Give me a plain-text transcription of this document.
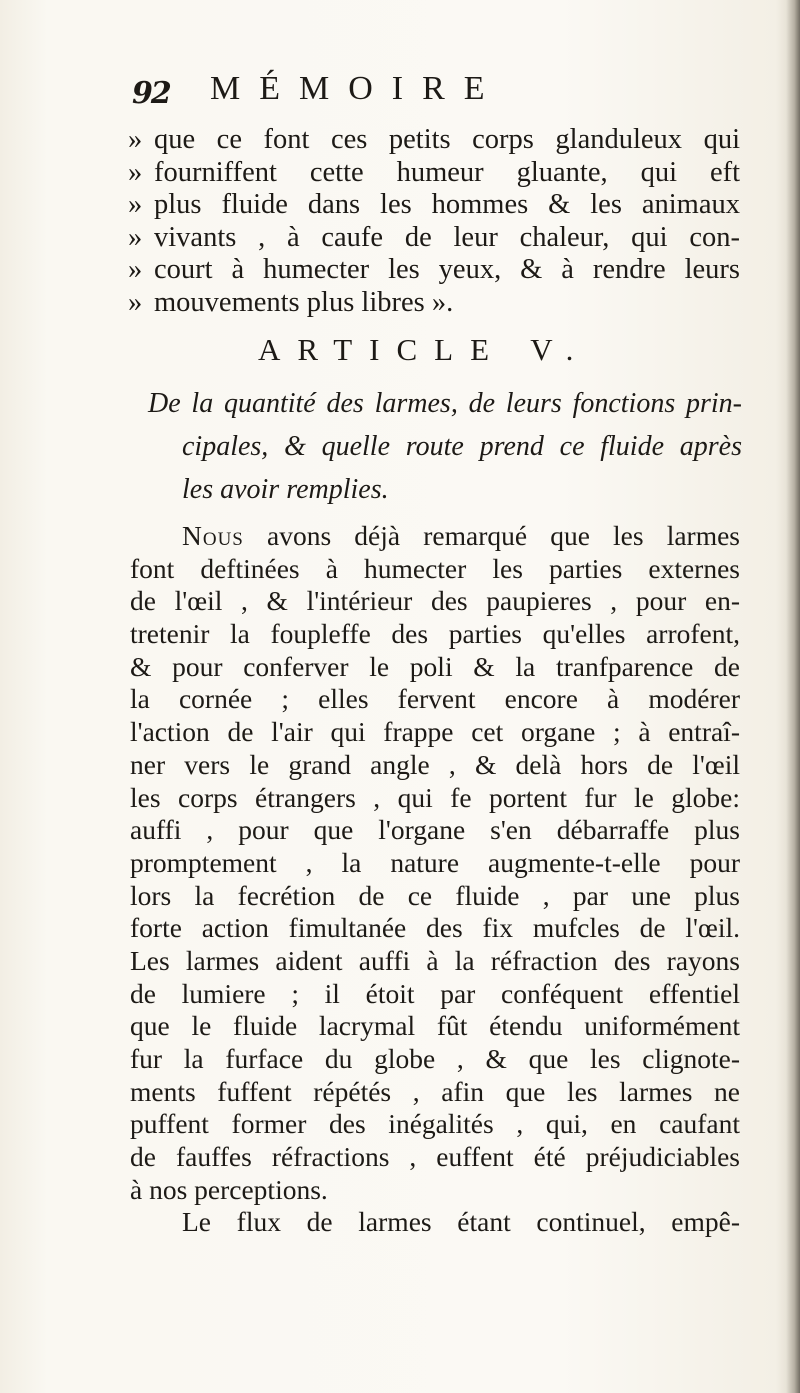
92 MÉMOIRE
» que ce font ces petits corps glanduleux qui
» fourniffent cette humeur gluante, qui eft
» plus fluide dans les hommes & les animaux
» vivants , à caufe de leur chaleur, qui con-
» court à humecter les yeux, & à rendre leurs
» mouvements plus libres ».
ARTICLE V.
De la quantité des larmes, de leurs fonctions prin-
cipales, & quelle route prend ce fluide après
les avoir remplies.
Nous avons déjà remarqué que les larmes
font deftinées à humecter les parties externes
de l'œil , & l'intérieur des paupieres , pour en-
tretenir la foupleffe des parties qu'elles arrofent,
& pour conferver le poli & la tranfparence de
la cornée ; elles fervent encore à modérer
l'action de l'air qui frappe cet organe ; à entraî-
ner vers le grand angle , & delà hors de l'œil
les corps étrangers , qui fe portent fur le globe:
auffi , pour que l'organe s'en débarraffe plus
promptement , la nature augmente-t-elle pour
lors la fecrétion de ce fluide , par une plus
forte action fimultanée des fix mufcles de l'œil.
Les larmes aident auffi à la réfraction des rayons
de lumiere ; il étoit par conféquent effentiel
que le fluide lacrymal fût étendu uniformément
fur la furface du globe , & que les clignote-
ments fuffent répétés , afin que les larmes ne
puffent former des inégalités , qui, en caufant
de fauffes réfractions , euffent été préjudiciables
à nos perceptions.
Le flux de larmes étant continuel, empê-
